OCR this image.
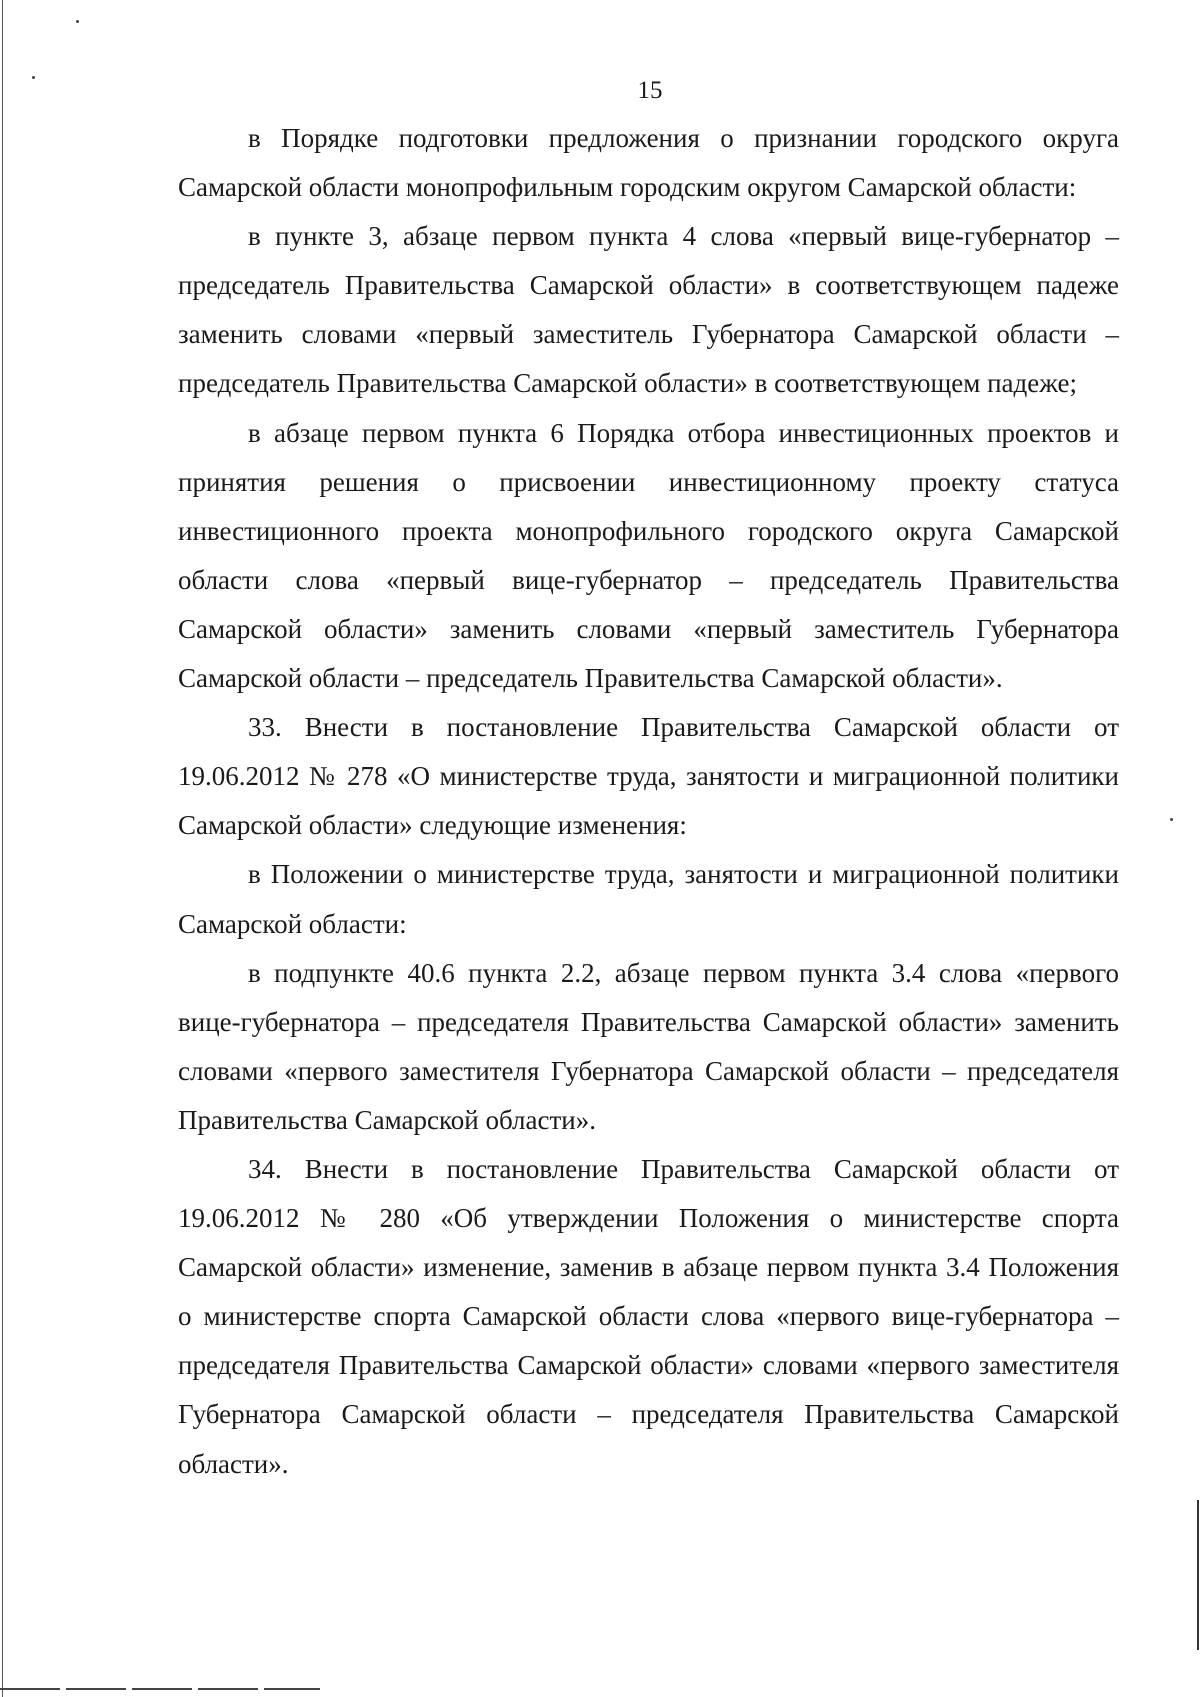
15

в Порядке подготовки предложения о признании городского округа Самарской области монопрофильным городским округом Самарской области:

в пункте 3, абзаце первом пункта 4 слова «первый вице-губернатор – председатель Правительства Самарской области» в соответствующем падеже заменить словами «первый заместитель Губернатора Самарской области – председатель Правительства Самарской области» в соответствующем падеже;

в абзаце первом пункта 6 Порядка отбора инвестиционных проектов и принятия решения о присвоении инвестиционному проекту статуса инвестиционного проекта монопрофильного городского округа Самарской области слова «первый вице-губернатор – председатель Правительства Самарской области» заменить словами «первый заместитель Губернатора Самарской области – председатель Правительства Самарской области».

33. Внести в постановление Правительства Самарской области от 19.06.2012 № 278 «О министерстве труда, занятости и миграционной политики Самарской области» следующие изменения:

в Положении о министерстве труда, занятости и миграционной политики Самарской области:

в подпункте 40.6 пункта 2.2, абзаце первом пункта 3.4 слова «первого вице-губернатора – председателя Правительства Самарской области» заменить словами «первого заместителя Губернатора Самарской области – председателя Правительства Самарской области».

34. Внести в постановление Правительства Самарской области от 19.06.2012 № 280 «Об утверждении Положения о министерстве спорта Самарской области» изменение, заменив в абзаце первом пункта 3.4 Положения о министерстве спорта Самарской области слова «первого вице-губернатора – председателя Правительства Самарской области» словами «первого заместителя Губернатора Самарской области – председателя Правительства Самарской области».
